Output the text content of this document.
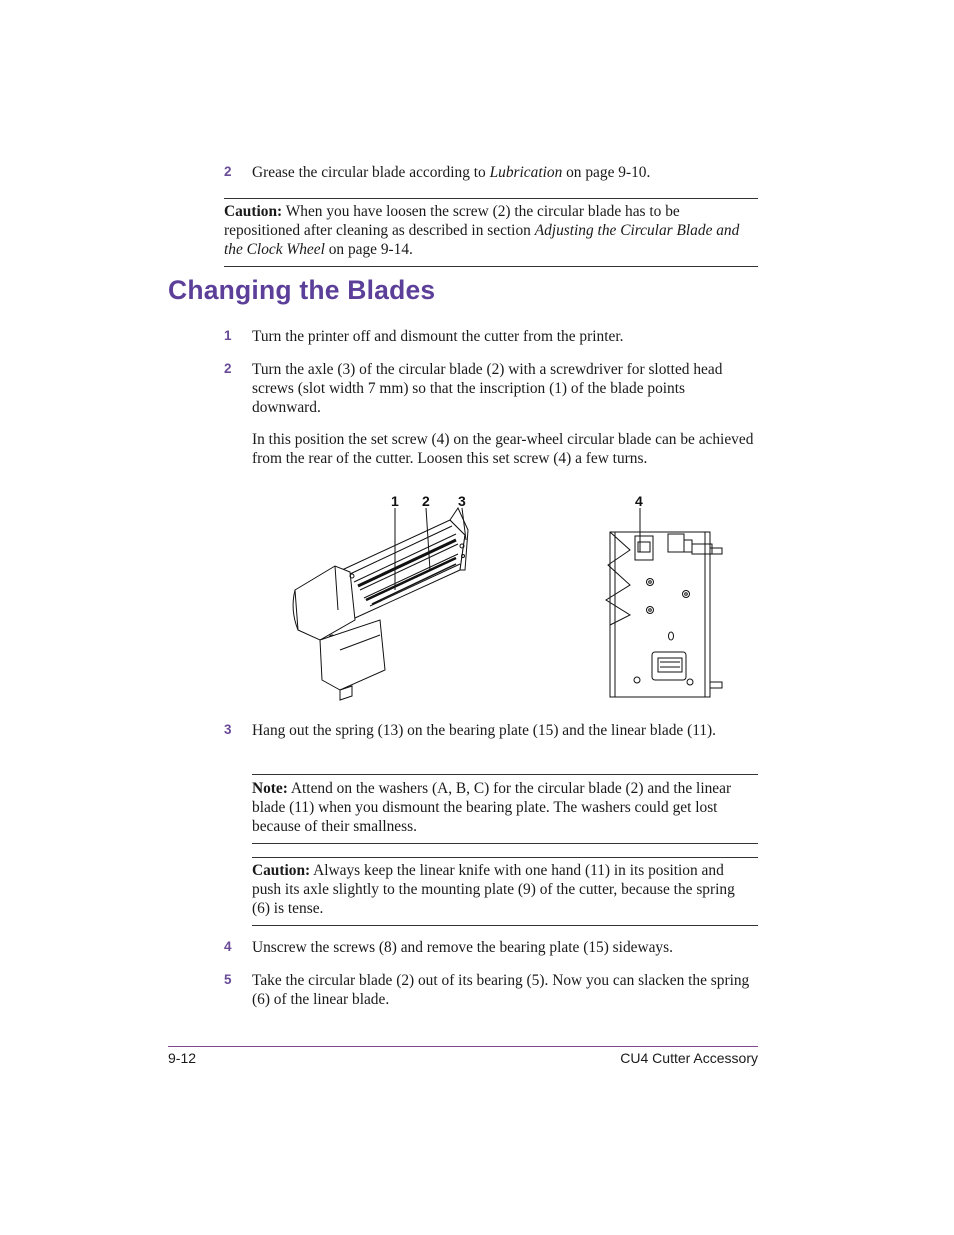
2 Grease the circular blade according to Lubrication on page 9-10.
Caution: When you have loosen the screw (2) the circular blade has to be repositioned after cleaning as described in section Adjusting the Circular Blade and the Clock Wheel on page 9-14.
Changing the Blades
1 Turn the printer off and dismount the cutter from the printer.
2 Turn the axle (3) of the circular blade (2) with a screwdriver for slotted head screws (slot width 7 mm) so that the inscription (1) of the blade points downward.
In this position the set screw (4) on the gear-wheel circular blade can be achieved from the rear of the cutter. Loosen this set screw (4) a few turns.
1 2 3	4
3 Hang out the spring (13) on the bearing plate (15) and the linear blade (11).
Note: Attend on the washers (A, B, C) for the circular blade (2) and the linear blade (11) when you dismount the bearing plate. The washers could get lost because of their smallness.
Caution: Always keep the linear knife with one hand (11) in its position and push its axle slightly to the mounting plate (9) of the cutter, because the spring (6) is tense.
4 Unscrew the screws (8) and remove the bearing plate (15) sideways.
5 Take the circular blade (2) out of its bearing (5). Now you can slacken the spring (6) of the linear blade.
9-12	CU4 Cutter Accessory
